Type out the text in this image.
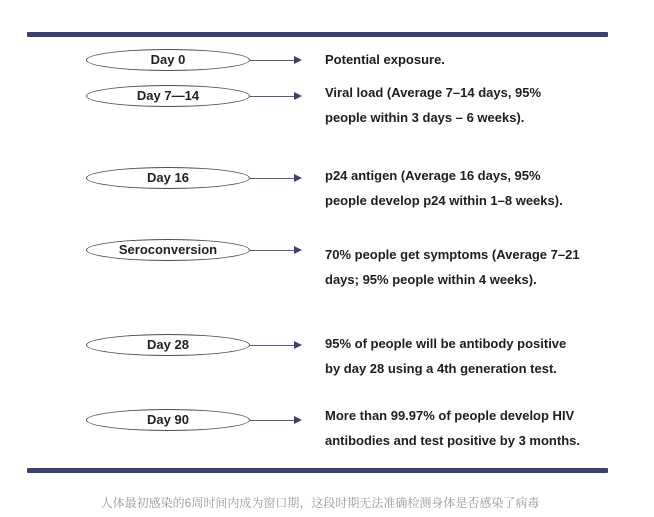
Day 0	Potential exposure.
Day 7—14	Viral load (Average 7–14 days, 95%
people within 3 days – 6 weeks).
Day 16	p24 antigen (Average 16 days, 95%
people develop p24 within 1–8 weeks).
Seroconversion	70% people get symptoms (Average 7–21
days; 95% people within 4 weeks).
Day 28	95% of people will be antibody positive
by day 28 using a 4th generation test.
Day 90	More than 99.97% of people develop HIV
antibodies and test positive by 3 months.
人体最初感染的6周时间内成为窗口期，这段时期无法准确检测身体是否感染了病毒
